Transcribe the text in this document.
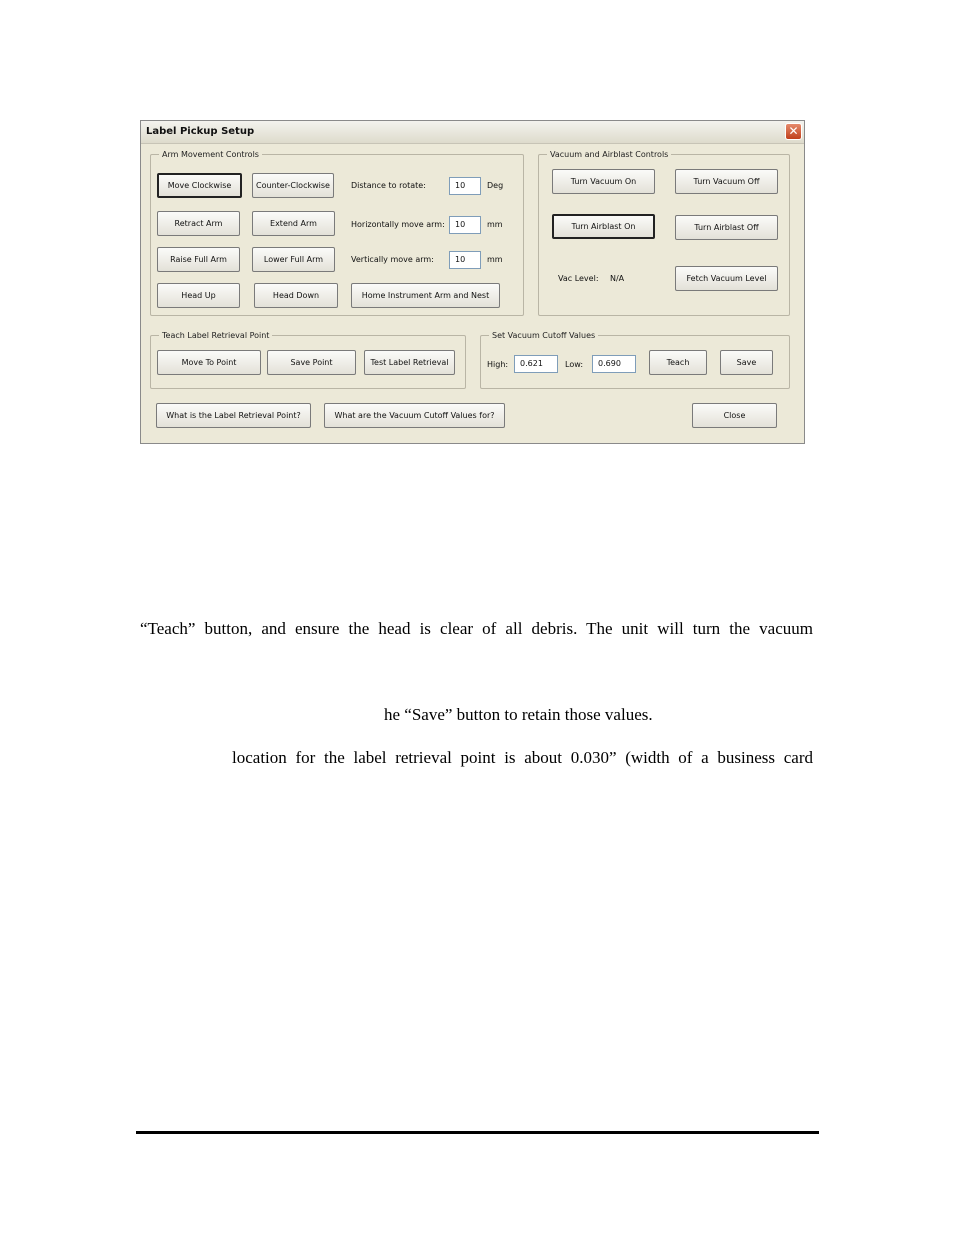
Label Pickup Setup	✕
Arm Movement Controls
Move Clockwise	Counter-Clockwise	Distance to rotate:	10	Deg
Retract Arm	Extend Arm	Horizontally move arm:	10	mm
Raise Full Arm	Lower Full Arm	Vertically move arm:	10	mm
Head Up	Head Down	Home Instrument Arm and Nest
Vacuum and Airblast Controls
Turn Vacuum On	Turn Vacuum Off
Turn Airblast On	Turn Airblast Off
Vac Level: N/A	Fetch Vacuum Level
Teach Label Retrieval Point
Move To Point	Save Point	Test Label Retrieval
Set Vacuum Cutoff Values
High:	0.621	Low:	0.690	Teach	Save
What is the Label Retrieval Point?	What are the Vacuum Cutoff Values for?	Close
“Teach” button, and ensure the head is clear of all debris. The unit will turn the vacuum
he “Save” button to retain those values.
location for the label retrieval point is about 0.030” (width of a business card
